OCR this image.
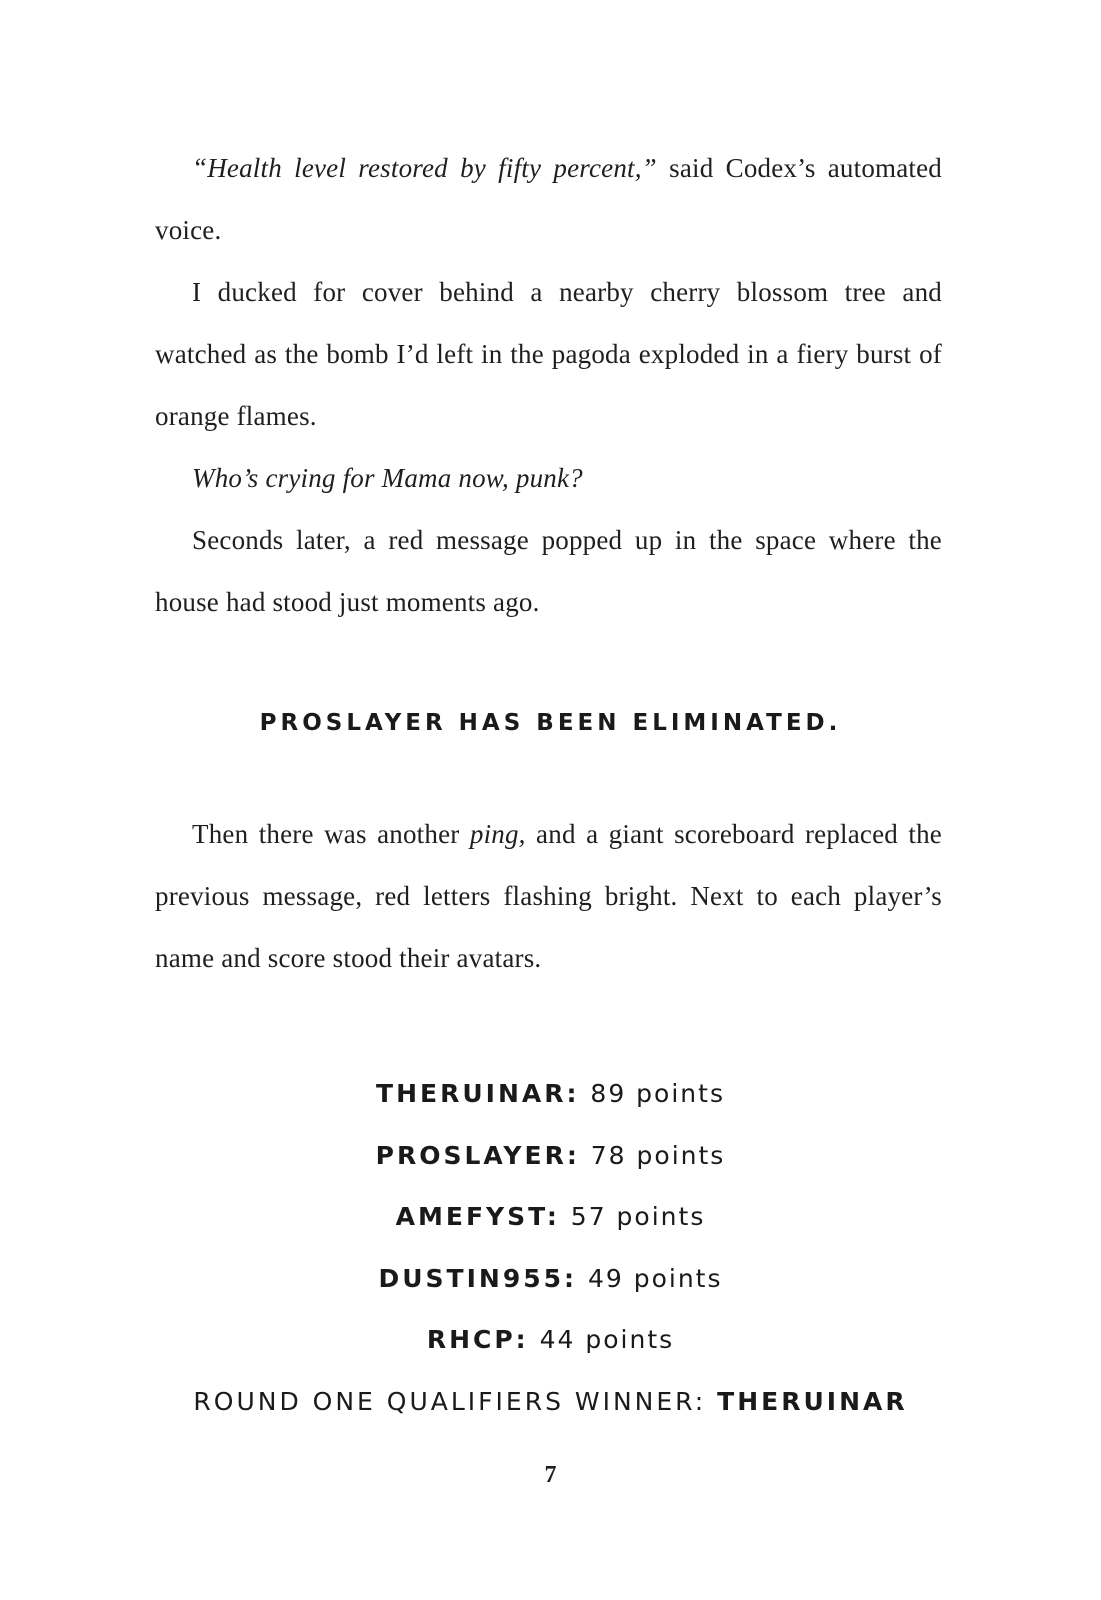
“Health level restored by fifty percent,” said Codex’s automated voice.

I ducked for cover behind a nearby cherry blossom tree and watched as the bomb I’d left in the pagoda exploded in a fiery burst of orange flames.

Who’s crying for Mama now, punk?

Seconds later, a red message popped up in the space where the house had stood just moments ago.

PROSLAYER HAS BEEN ELIMINATED.

Then there was another ping, and a giant scoreboard replaced the previous message, red letters flashing bright. Next to each player’s name and score stood their avatars.

THERUINAR: 89 points

PROSLAYER: 78 points

AMEFYST: 57 points

DUSTIN955: 49 points

RHCP: 44 points

ROUND ONE QUALIFIERS WINNER: THERUINAR

7
